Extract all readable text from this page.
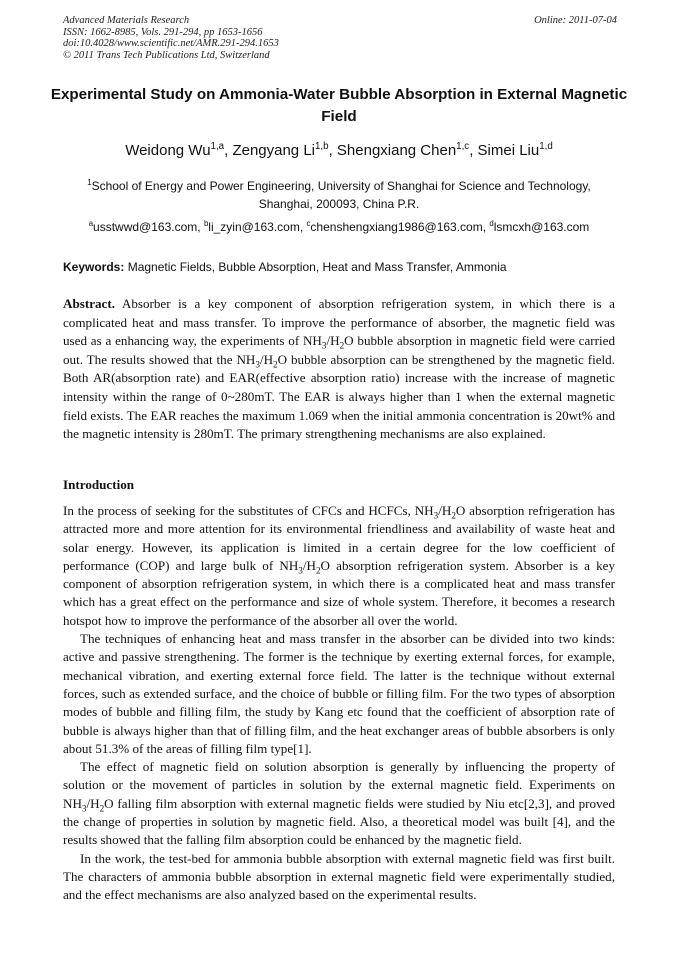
Advanced Materials Research
ISSN: 1662-8985, Vols. 291-294, pp 1653-1656
doi:10.4028/www.scientific.net/AMR.291-294.1653
© 2011 Trans Tech Publications Ltd, Switzerland
Online: 2011-07-04
Experimental Study on Ammonia-Water Bubble Absorption in External Magnetic Field
Weidong Wu$^{1,a}$, Zengyang Li$^{1,b}$, Shengxiang Chen$^{1,c}$, Simei Liu$^{1,d}$
$^1$School of Energy and Power Engineering, University of Shanghai for Science and Technology, Shanghai, 200093, China P.R.
$^a$usstwwd@163.com, $^b$li_zyin@163.com, $^c$chenshengxiang1986@163.com, $^d$lsmcxh@163.com
Keywords: Magnetic Fields, Bubble Absorption, Heat and Mass Transfer, Ammonia
Abstract. Absorber is a key component of absorption refrigeration system, in which there is a complicated heat and mass transfer. To improve the performance of absorber, the magnetic field was used as a enhancing way, the experiments of $NH_3/H_2O$ bubble absorption in magnetic field were carried out. The results showed that the $NH_3/H_2O$ bubble absorption can be strengthened by the magnetic field. Both AR(absorption rate) and EAR(effective absorption ratio) increase with the increase of magnetic intensity within the range of 0~280mT. The EAR is always higher than 1 when the external magnetic field exists. The EAR reaches the maximum 1.069 when the initial ammonia concentration is 20wt% and the magnetic intensity is 280mT. The primary strengthening mechanisms are also explained.
Introduction

In the process of seeking for the substitutes of CFCs and HCFCs, $NH_3/H_2O$ absorption refrigeration has attracted more and more attention for its environmental friendliness and availability of waste heat and solar energy. However, its application is limited in a certain degree for the low coefficient of performance (COP) and large bulk of $NH_3/H_2O$ absorption refrigeration system. Absorber is a key component of absorption refrigeration system, in which there is a complicated heat and mass transfer which has a great effect on the performance and size of whole system. Therefore, it becomes a research hotspot how to improve the performance of the absorber all over the world.

The techniques of enhancing heat and mass transfer in the absorber can be divided into two kinds: active and passive strengthening. The former is the technique by exerting external forces, for example, mechanical vibration, and exerting external force field. The latter is the technique without external forces, such as extended surface, and the choice of bubble or filling film. For the two types of absorption modes of bubble and filling film, the study by Kang etc found that the coefficient of absorption rate of bubble is always higher than that of filling film, and the heat exchanger areas of bubble absorbers is only about 51.3% of the areas of filling film type[1].

The effect of magnetic field on solution absorption is generally by influencing the property of solution or the movement of particles in solution by the external magnetic field. Experiments on $NH_3/H_2O$ falling film absorption with external magnetic fields were studied by Niu etc[2,3], and proved the change of properties in solution by magnetic field. Also, a theoretical model was built [4], and the results showed that the falling film absorption could be enhanced by the magnetic field.

In the work, the test-bed for ammonia bubble absorption with external magnetic field was first built. The characters of ammonia bubble absorption in external magnetic field were experimentally studied, and the effect mechanisms are also analyzed based on the experimental results.
